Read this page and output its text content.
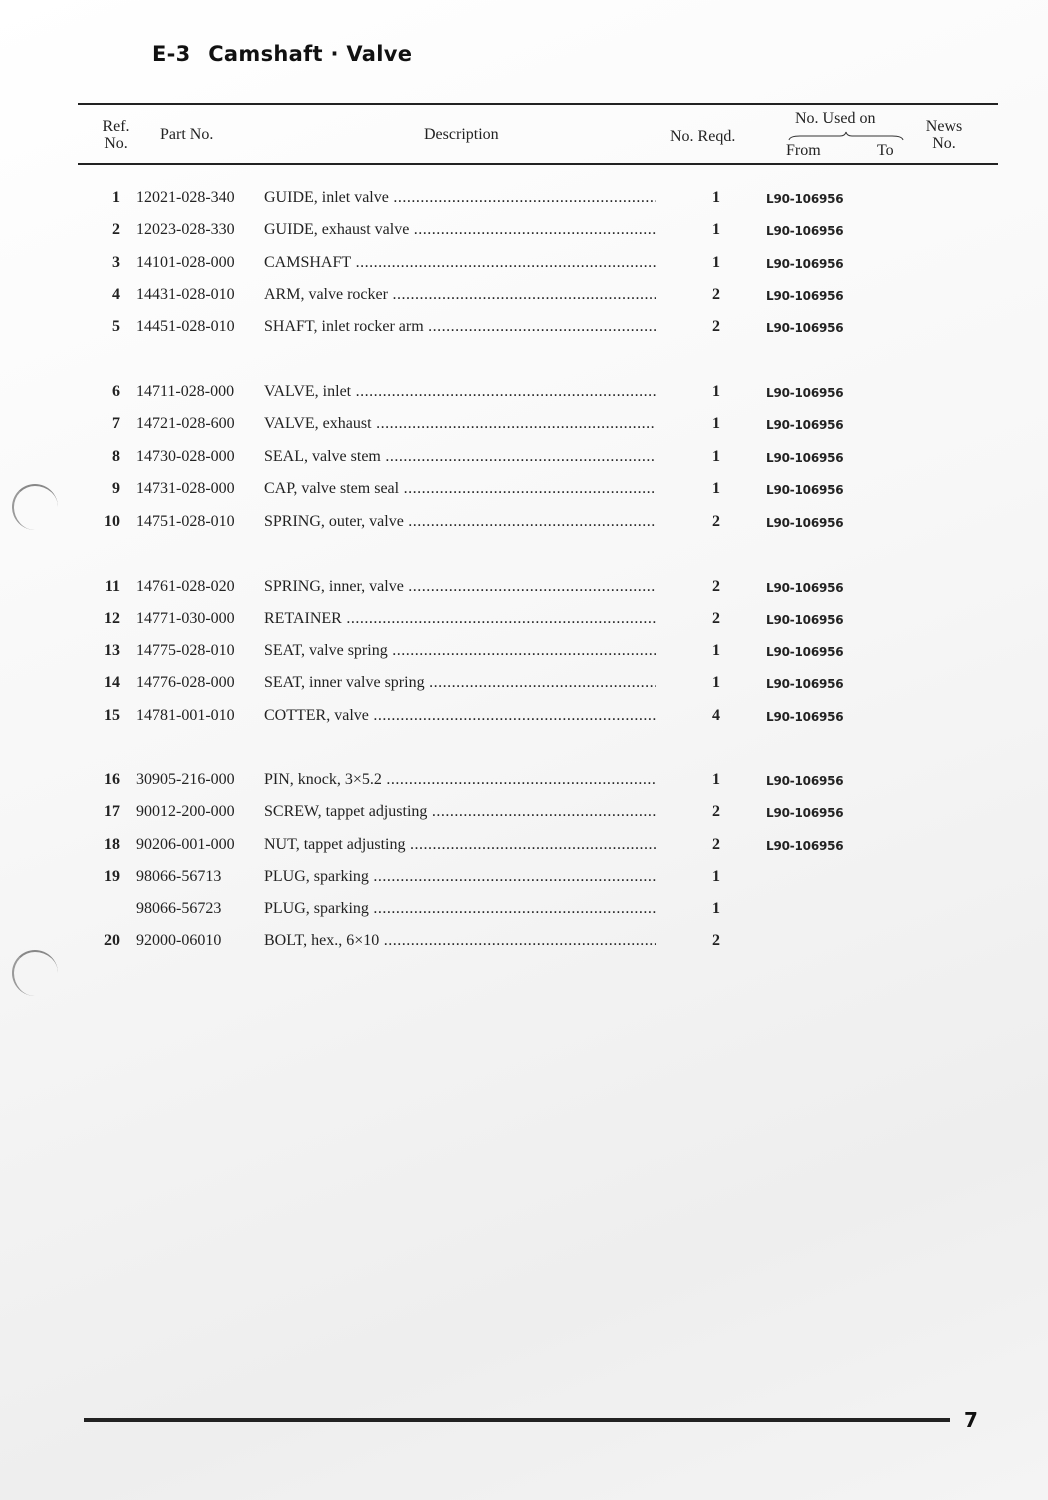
E-3 Camshaft · Valve
Ref.
No.
Part No.	Description	No. Reqd.
No. Used on
From	To
News
No.
1 12021-028-340	GUIDE, inlet valve .....	1	L90-106956
2 12023-028-330	GUIDE, exhaust valve .....	1	L90-106956
3 14101-028-000	CAMSHAFT .....	1	L90-106956
4 14431-028-010	ARM, valve rocker .....	2	L90-106956
5 14451-028-010	SHAFT, inlet rocker arm .....	2	L90-106956
6 14711-028-000	VALVE, inlet .....	1	L90-106956
7 14721-028-600	VALVE, exhaust .....	1	L90-106956
8 14730-028-000	SEAL, valve stem .....	1	L90-106956
9 14731-028-000	CAP, valve stem seal .....	1	L90-106956
10 14751-028-010	SPRING, outer, valve .....	2	L90-106956
11 14761-028-020	SPRING, inner, valve .....	2	L90-106956
12 14771-030-000	RETAINER .....	2	L90-106956
13 14775-028-010	SEAT, valve spring .....	1	L90-106956
14 14776-028-000	SEAT, inner valve spring .....	1	L90-106956
15 14781-001-010	COTTER, valve .....	4	L90-106956
16 30905-216-000	PIN, knock, 3×5.2 .....	1	L90-106956
17 90012-200-000	SCREW, tappet adjusting .....	2	L90-106956
18 90206-001-000	NUT, tappet adjusting .....	2	L90-106956
19 98066-56713	PLUG, sparking .....	1
98066-56723	PLUG, sparking .....	1
20 92000-06010	BOLT, hex., 6×10 .....	2
7
